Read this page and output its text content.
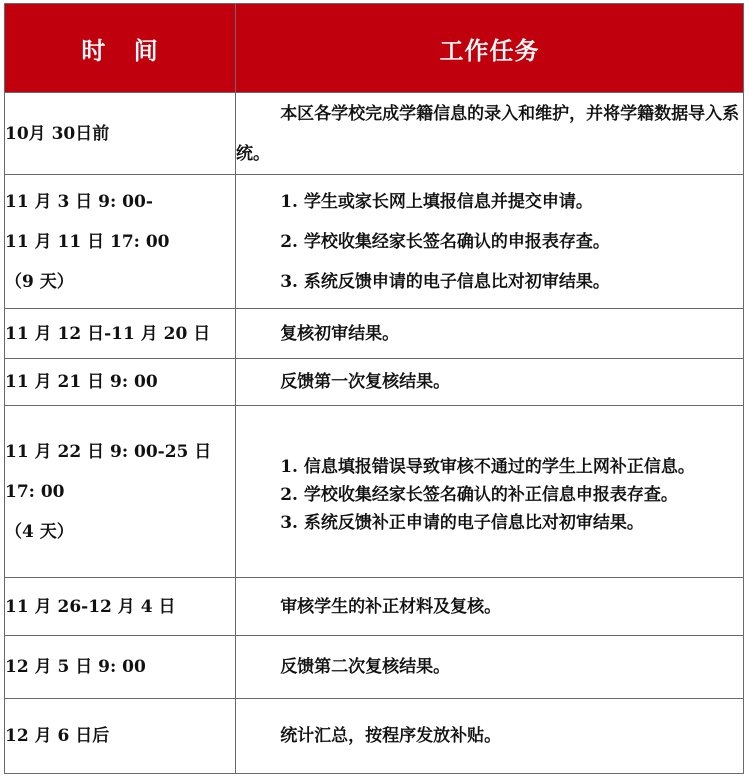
时 间	工作任务

10月 30日前	本区各学校完成学籍信息的录入和维护，并将学籍数据导入系统。

11 月 3 日 9: 00-
11 月 11 日 17: 00
（9 天）	1. 学生或家长网上填报信息并提交申请。
2. 学校收集经家长签名确认的申报表存查。
3. 系统反馈申请的电子信息比对初审结果。

11 月 12 日-11 月 20 日	复核初审结果。

11 月 21 日 9: 00	反馈第一次复核结果。

11 月 22 日 9: 00-25 日
17: 00
（4 天）	1. 信息填报错误导致审核不通过的学生上网补正信息。
2. 学校收集经家长签名确认的补正信息申报表存查。
3. 系统反馈补正申请的电子信息比对初审结果。

11 月 26-12 月 4 日	审核学生的补正材料及复核。

12 月 5 日 9: 00	反馈第二次复核结果。

12 月 6 日后	统计汇总，按程序发放补贴。
